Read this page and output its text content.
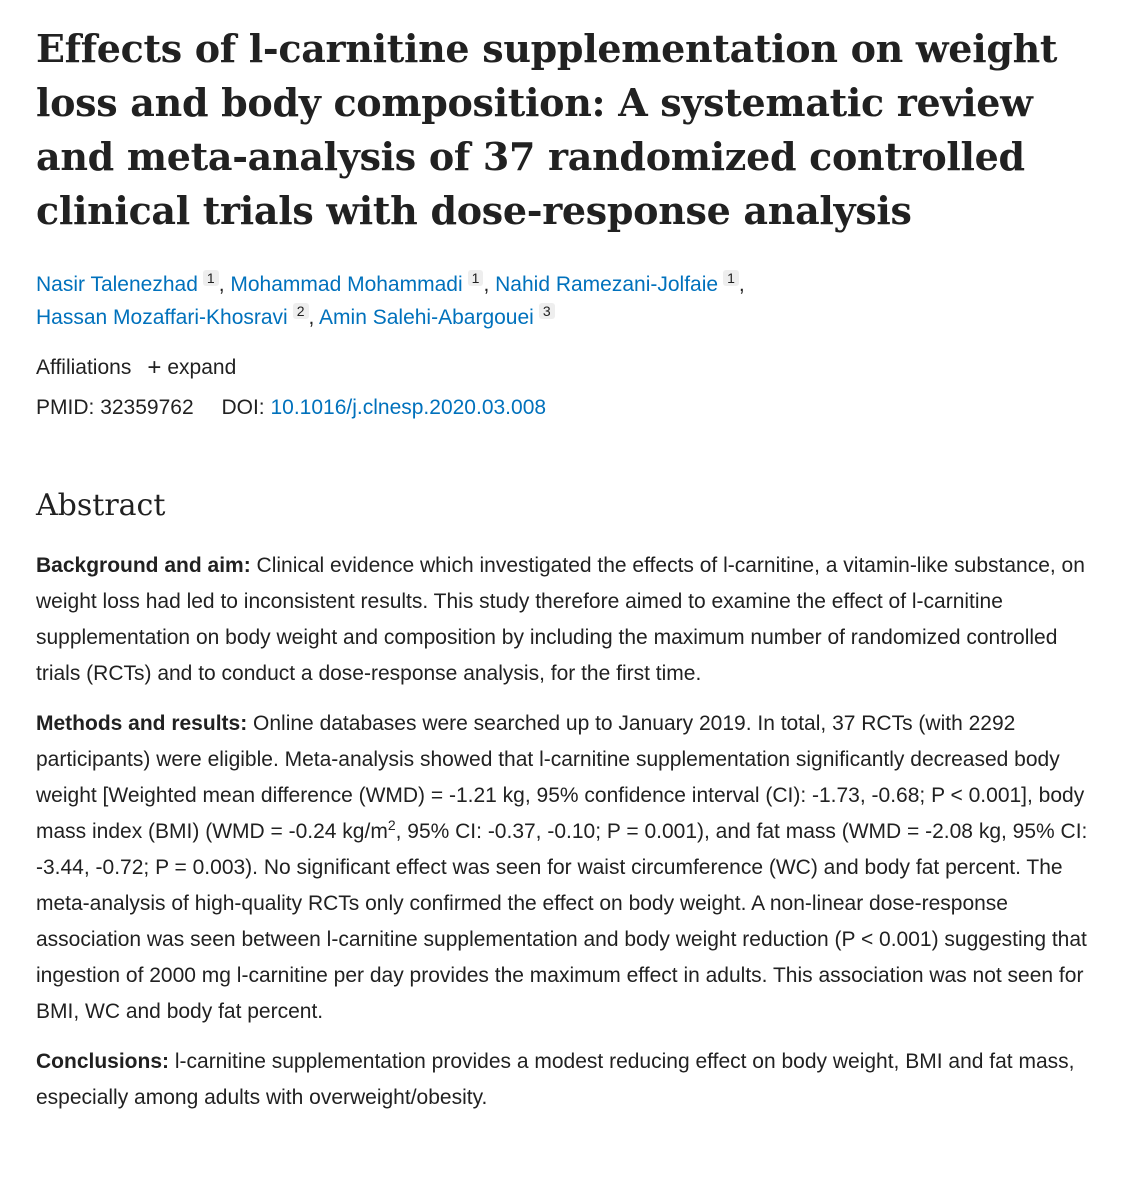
Effects of l-carnitine supplementation on weight loss and body composition: A systematic review and meta-analysis of 37 randomized controlled clinical trials with dose-response analysis
Nasir Talenezhad 1 , Mohammad Mohammadi 1 , Nahid Ramezani-Jolfaie 1 ,
Hassan Mozaffari-Khosravi 2 , Amin Salehi-Abargouei 3
Affiliations + expand
PMID: 32359762 DOI: 10.1016/j.clnesp.2020.03.008
Abstract

Background and aim: Clinical evidence which investigated the effects of l-carnitine, a vitamin-like substance, on weight loss had led to inconsistent results. This study therefore aimed to examine the effect of l-carnitine supplementation on body weight and composition by including the maximum number of randomized controlled trials (RCTs) and to conduct a dose-response analysis, for the first time.

Methods and results: Online databases were searched up to January 2019. In total, 37 RCTs (with 2292 participants) were eligible. Meta-analysis showed that l-carnitine supplementation significantly decreased body weight [Weighted mean difference (WMD) = -1.21 kg, 95% confidence interval (CI): -1.73, -0.68; P < 0.001], body mass index (BMI) (WMD = -0.24 $kg/m^2$, 95% CI: -0.37, -0.10; P = 0.001), and fat mass (WMD = -2.08 kg, 95% CI: -3.44, -0.72; P = 0.003). No significant effect was seen for waist circumference (WC) and body fat percent. The meta-analysis of high-quality RCTs only confirmed the effect on body weight. A non-linear dose-response association was seen between l-carnitine supplementation and body weight reduction (P < 0.001) suggesting that ingestion of 2000 mg l-carnitine per day provides the maximum effect in adults. This association was not seen for BMI, WC and body fat percent.

Conclusions: l-carnitine supplementation provides a modest reducing effect on body weight, BMI and fat mass, especially among adults with overweight/obesity.
